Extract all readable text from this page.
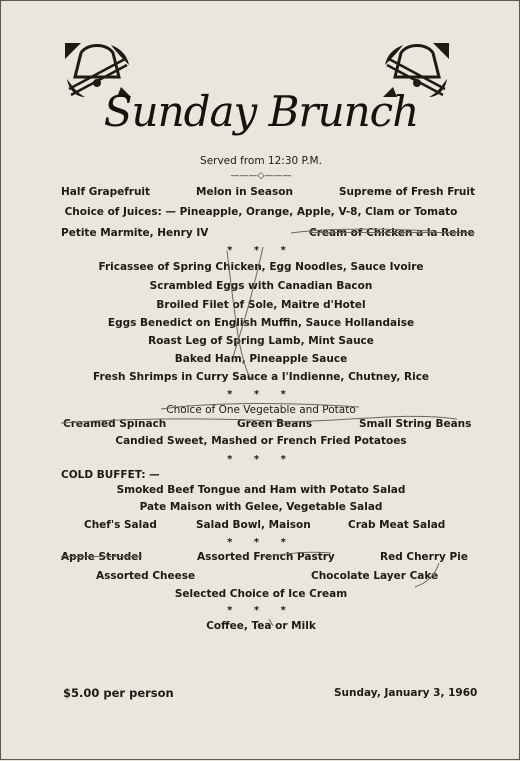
Sunday Brunch
Served from 12:30 P.M.
———◇———
Half Grapefruit	Melon in Season	Supreme of Fresh Fruit
Choice of Juices: — Pineapple, Orange, Apple, V-8, Clam or Tomato
Petite Marmite, Henry IV	Cream of Chicken a la Reine
* * *
Fricassee of Spring Chicken, Egg Noodles, Sauce Ivoire
Scrambled Eggs with Canadian Bacon
Broiled Filet of Sole, Maitre d'Hotel
Eggs Benedict on English Muffin, Sauce Hollandaise
Roast Leg of Spring Lamb, Mint Sauce
Baked Ham, Pineapple Sauce
Fresh Shrimps in Curry Sauce a l'Indienne, Chutney, Rice
* * *
Choice of One Vegetable and Potato
Creamed Spinach	Green Beans	Small String Beans
Candied Sweet, Mashed or French Fried Potatoes
* * *
COLD BUFFET: —
Smoked Beef Tongue and Ham with Potato Salad
Pate Maison with Gelee, Vegetable Salad
Chef's Salad	Salad Bowl, Maison	Crab Meat Salad
* * *
Apple Strudel	Assorted French Pastry	Red Cherry Pie
Assorted Cheese	Chocolate Layer Cake
Selected Choice of Ice Cream
* * *
Coffee, Tea or Milk
$5.00 per person	Sunday, January 3, 1960
